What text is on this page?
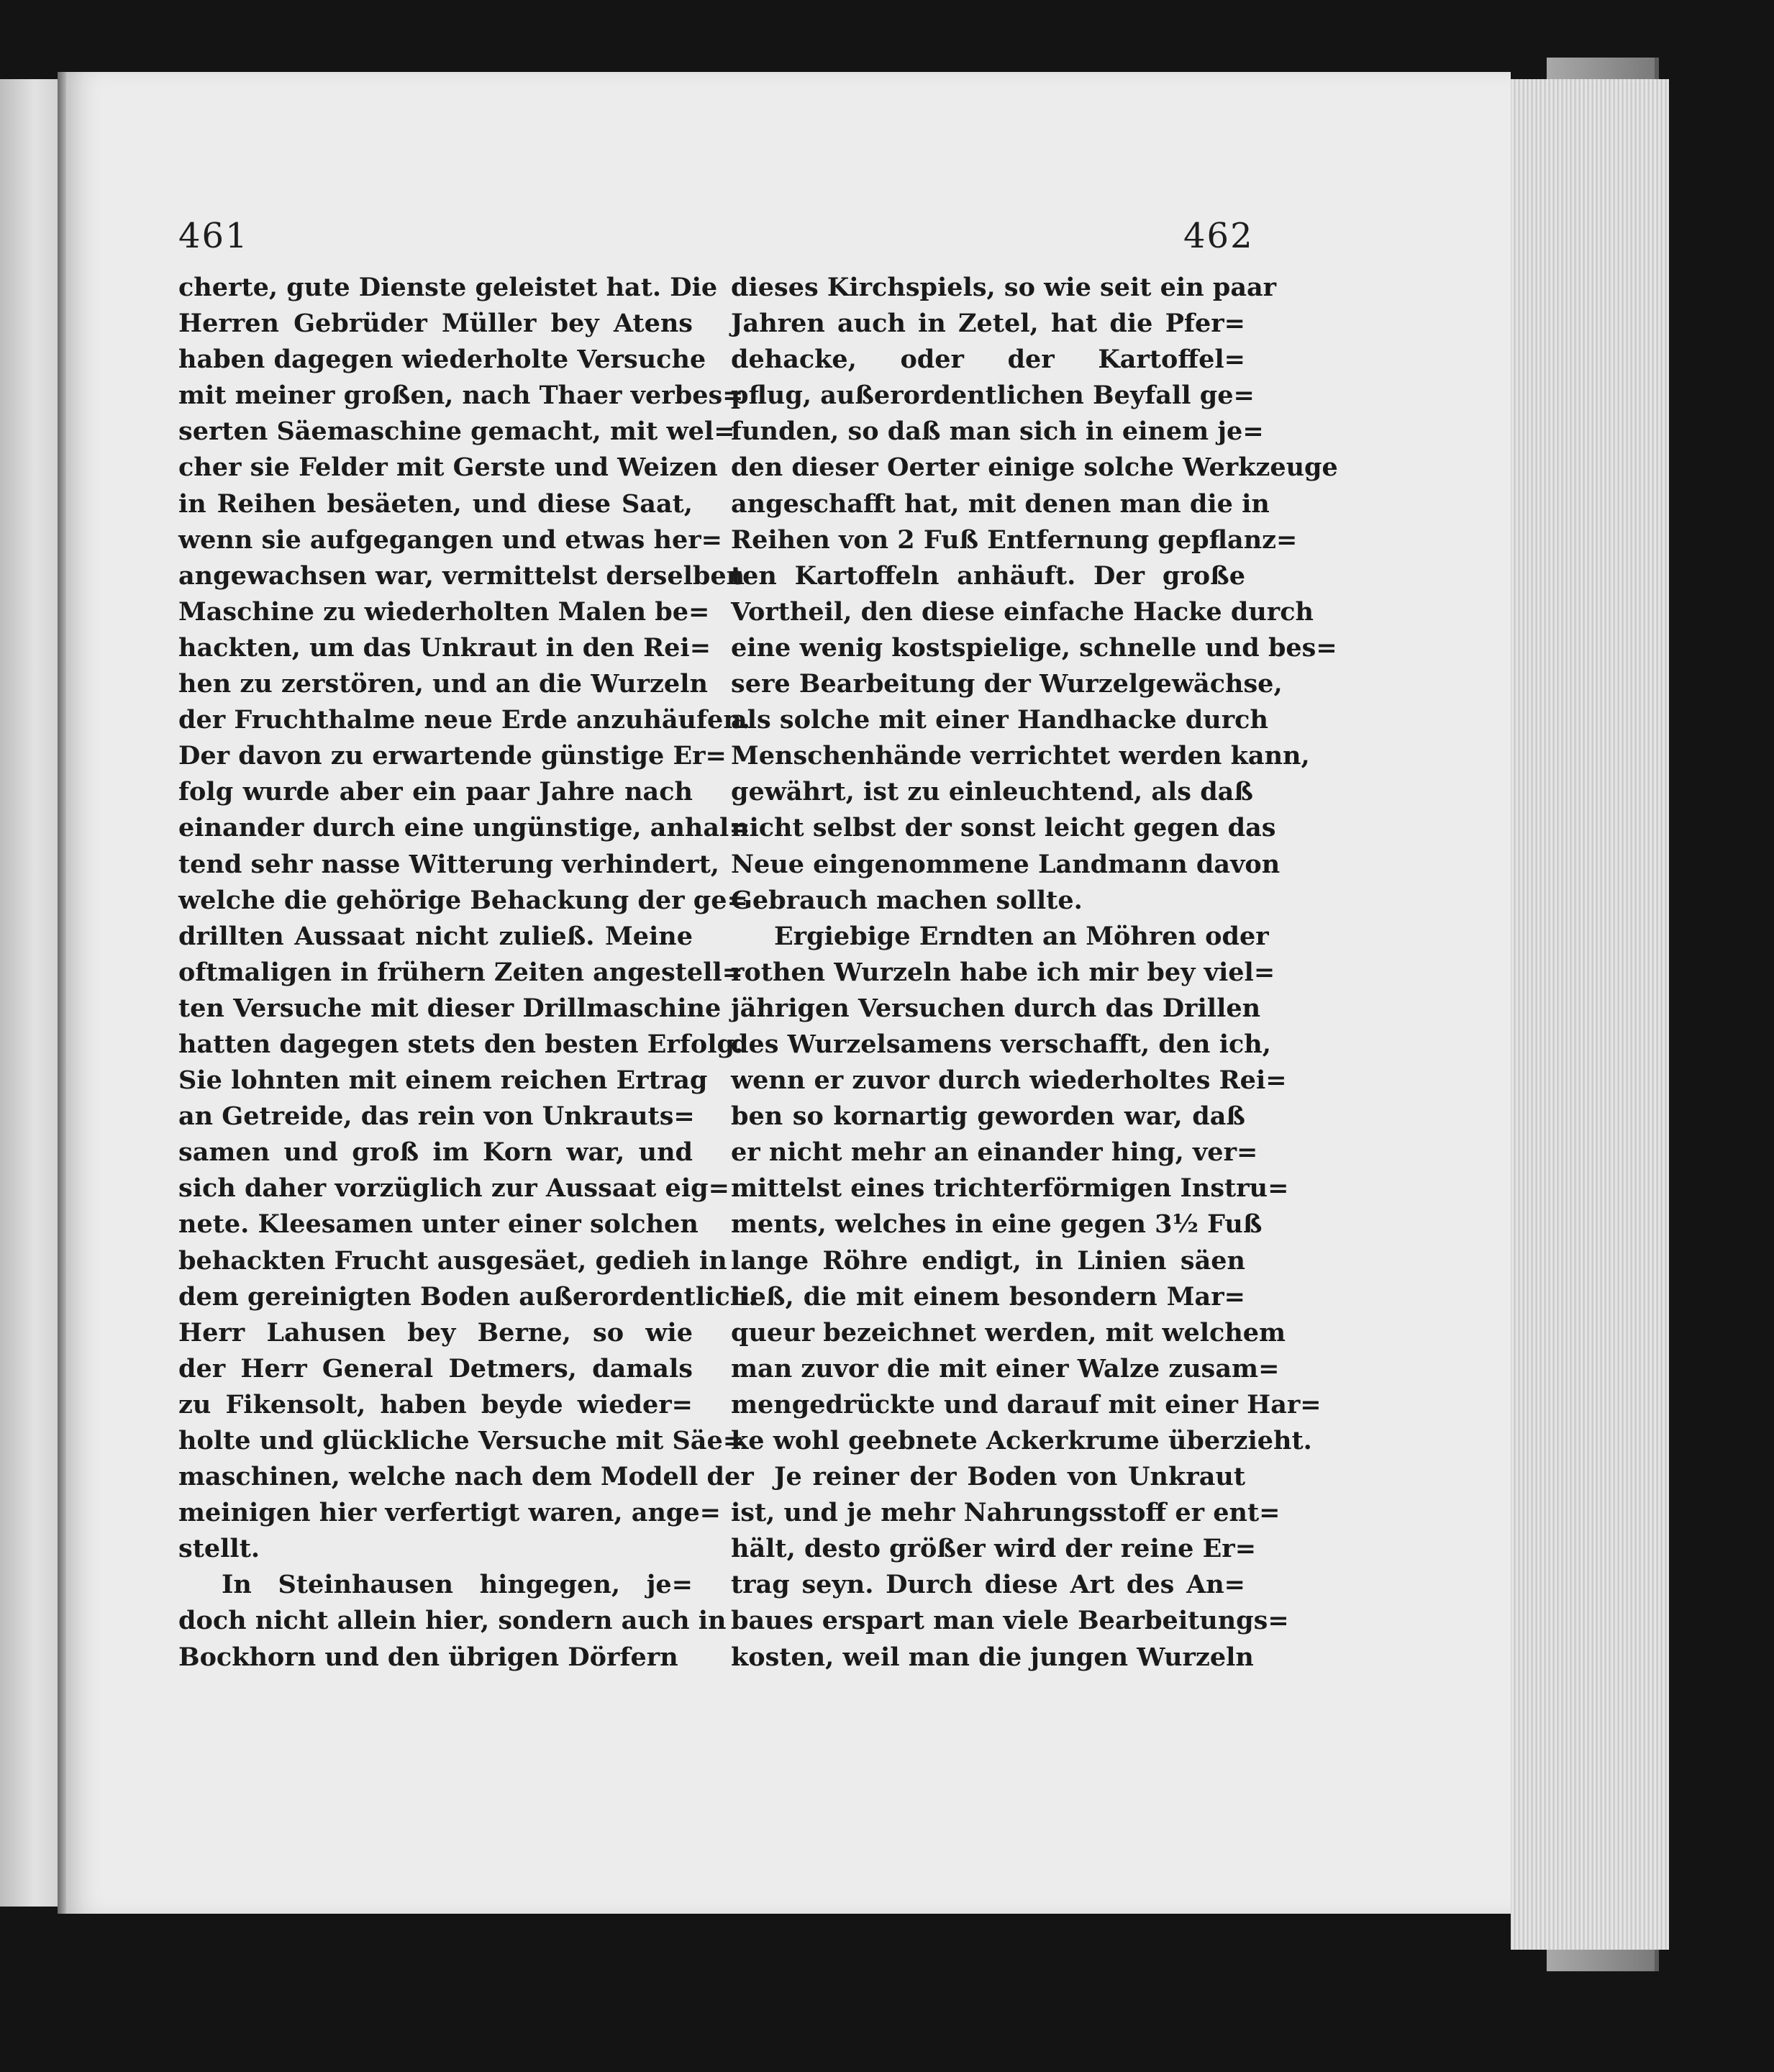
461	462
cherte, gute Dienste geleistet hat. Die
Herren Gebrüder Müller bey Atens
haben dagegen wiederholte Versuche
mit meiner großen, nach Thaer verbes=
serten Säemaschine gemacht, mit wel=
cher sie Felder mit Gerste und Weizen
in Reihen besäeten, und diese Saat,
wenn sie aufgegangen und etwas her=
angewachsen war, vermittelst derselben
Maschine zu wiederholten Malen be=
hackten, um das Unkraut in den Rei=
hen zu zerstören, und an die Wurzeln
der Fruchthalme neue Erde anzuhäufen.
Der davon zu erwartende günstige Er=
folg wurde aber ein paar Jahre nach
einander durch eine ungünstige, anhal=
tend sehr nasse Witterung verhindert,
welche die gehörige Behackung der ge=
drillten Aussaat nicht zuließ. Meine
oftmaligen in frühern Zeiten angestell=
ten Versuche mit dieser Drillmaschine
hatten dagegen stets den besten Erfolg.
Sie lohnten mit einem reichen Ertrag
an Getreide, das rein von Unkrauts=
samen und groß im Korn war, und
sich daher vorzüglich zur Aussaat eig=
nete. Kleesamen unter einer solchen
behackten Frucht ausgesäet, gedieh in
dem gereinigten Boden außerordentlich.
Herr Lahusen bey Berne, so wie
der Herr General Detmers, damals
zu Fikensolt, haben beyde wieder=
holte und glückliche Versuche mit Säe=
maschinen, welche nach dem Modell der
meinigen hier verfertigt waren, ange=
stellt.
In Steinhausen hingegen, je=
doch nicht allein hier, sondern auch in
Bockhorn und den übrigen Dörfern
dieses Kirchspiels, so wie seit ein paar
Jahren auch in Zetel, hat die Pfer=
dehacke, oder der Kartoffel=
pflug, außerordentlichen Beyfall ge=
funden, so daß man sich in einem je=
den dieser Oerter einige solche Werkzeuge
angeschafft hat, mit denen man die in
Reihen von 2 Fuß Entfernung gepflanz=
ten Kartoffeln anhäuft. Der große
Vortheil, den diese einfache Hacke durch
eine wenig kostspielige, schnelle und bes=
sere Bearbeitung der Wurzelgewächse,
als solche mit einer Handhacke durch
Menschenhände verrichtet werden kann,
gewährt, ist zu einleuchtend, als daß
nicht selbst der sonst leicht gegen das
Neue eingenommene Landmann davon
Gebrauch machen sollte.
Ergiebige Erndten an Möhren oder
rothen Wurzeln habe ich mir bey viel=
jährigen Versuchen durch das Drillen
des Wurzelsamens verschafft, den ich,
wenn er zuvor durch wiederholtes Rei=
ben so kornartig geworden war, daß
er nicht mehr an einander hing, ver=
mittelst eines trichterförmigen Instru=
ments, welches in eine gegen 3½ Fuß
lange Röhre endigt, in Linien säen
ließ, die mit einem besondern Mar=
queur bezeichnet werden, mit welchem
man zuvor die mit einer Walze zusam=
mengedrückte und darauf mit einer Har=
ke wohl geebnete Ackerkrume überzieht.
Je reiner der Boden von Unkraut
ist, und je mehr Nahrungsstoff er ent=
hält, desto größer wird der reine Er=
trag seyn. Durch diese Art des An=
baues erspart man viele Bearbeitungs=
kosten, weil man die jungen Wurzeln
